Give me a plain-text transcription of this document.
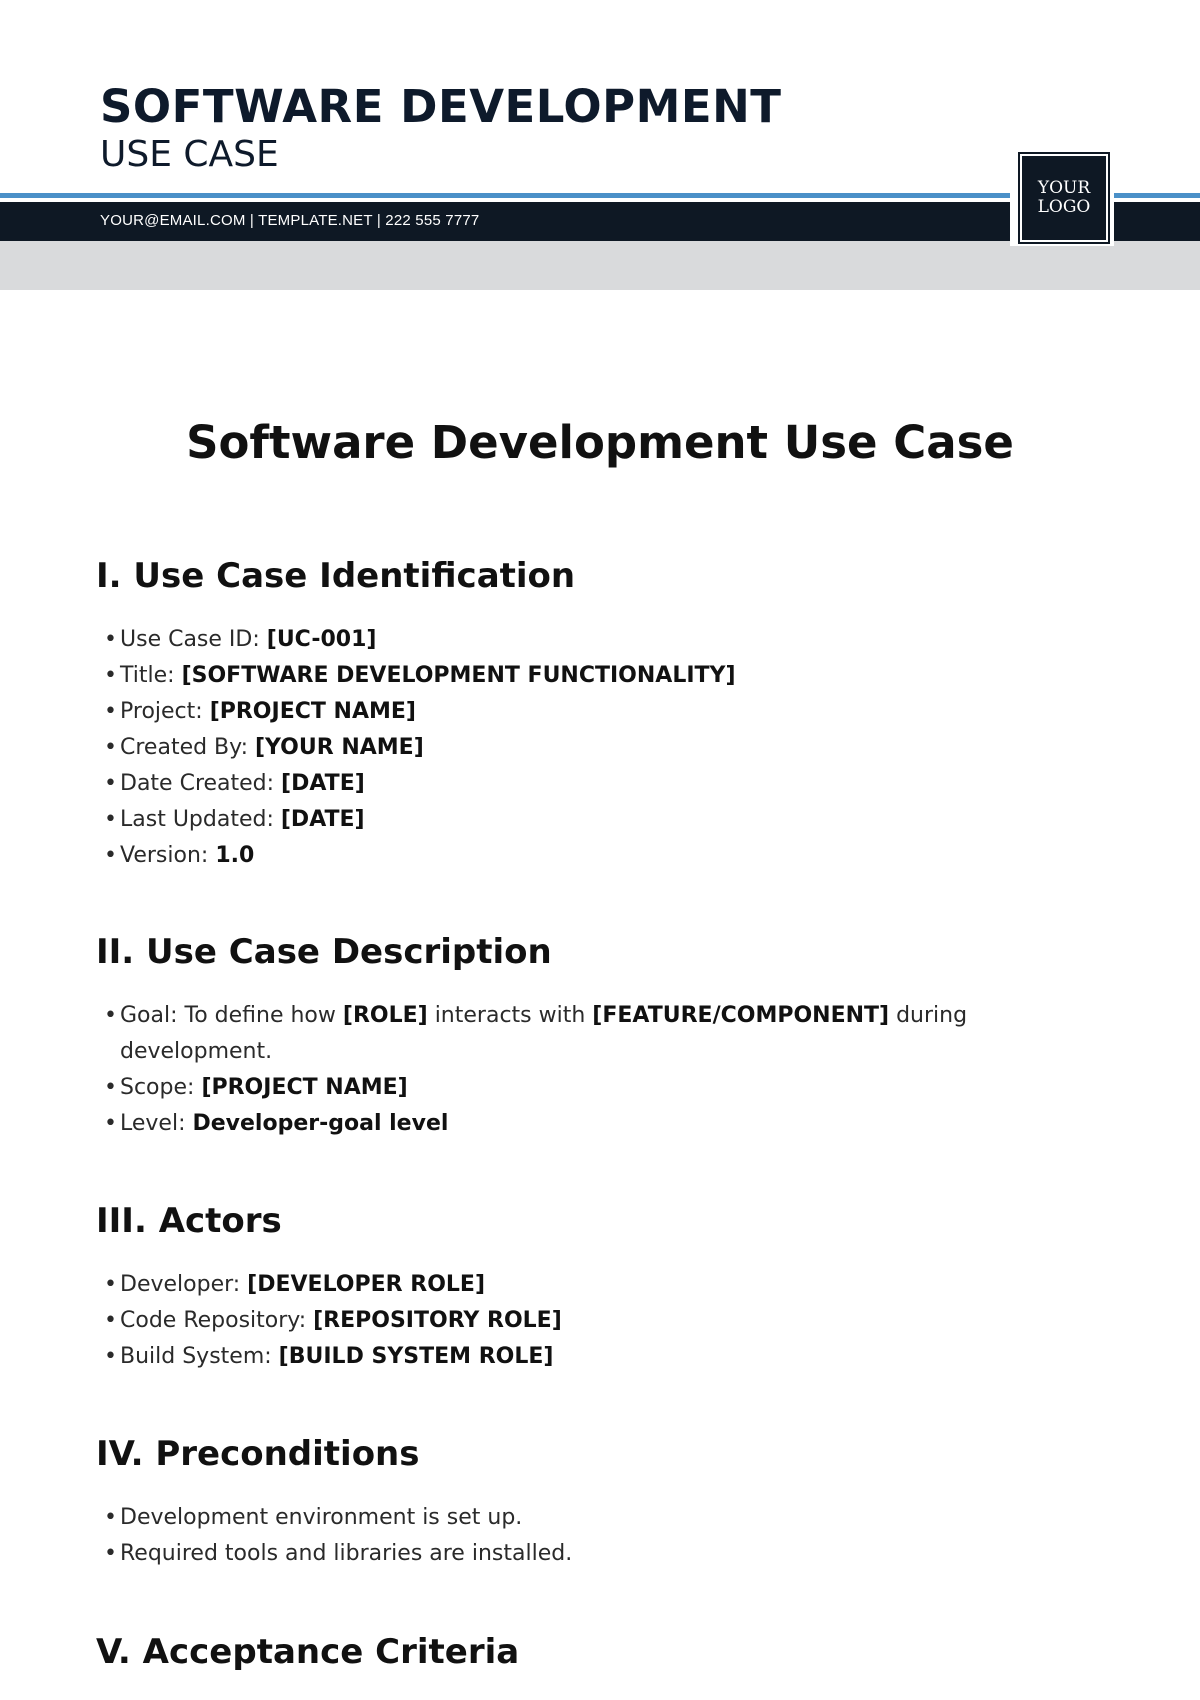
SOFTWARE DEVELOPMENT
USE CASE
YOUR@EMAIL.COM | TEMPLATE.NET | 222 555 7777
YOUR
LOGO
Software Development Use Case
I. Use Case Identification
• Use Case ID: [UC-001]
• Title: [SOFTWARE DEVELOPMENT FUNCTIONALITY]
• Project: [PROJECT NAME]
• Created By: [YOUR NAME]
• Date Created: [DATE]
• Last Updated: [DATE]
• Version: 1.0
II. Use Case Description
• Goal: To define how [ROLE] interacts with [FEATURE/COMPONENT] during development.
• Scope: [PROJECT NAME]
• Level: Developer-goal level
III. Actors
• Developer: [DEVELOPER ROLE]
• Code Repository: [REPOSITORY ROLE]
• Build System: [BUILD SYSTEM ROLE]
IV. Preconditions
• Development environment is set up.
• Required tools and libraries are installed.
V. Acceptance Criteria
